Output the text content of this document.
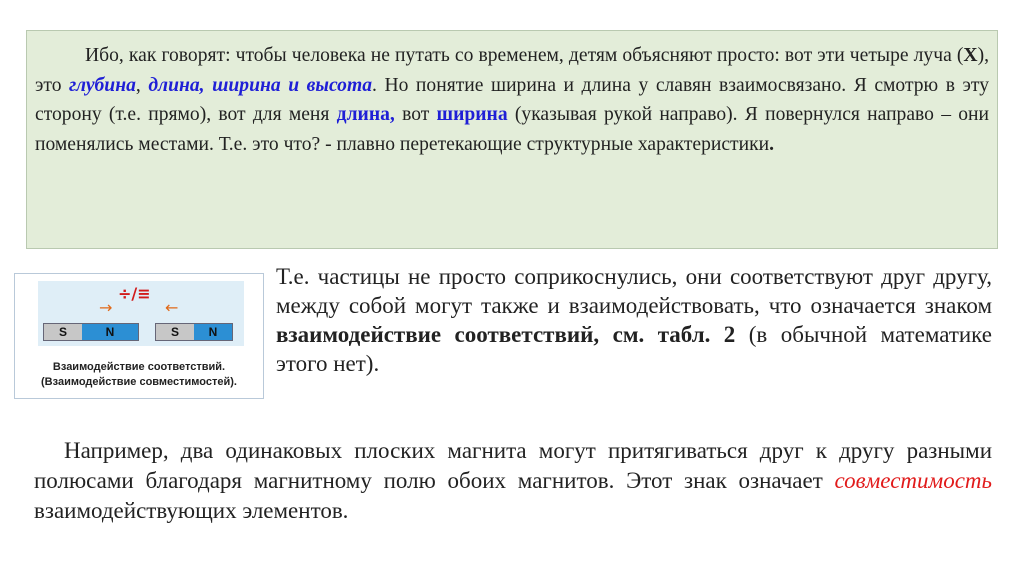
Ибо, как говорят: чтобы человека не путать со временем, детям объясняют просто: вот эти четыре луча (Х), это глубина, длина, ширина и высота. Но понятие ширина и длина у славян взаимосвязано. Я смотрю в эту сторону (т.е. прямо), вот для меня длина, вот ширина (указывая рукой направо). Я повернулся направо – они поменялись местами. Т.е. это что? - плавно перетекающие структурные характеристики.

÷/≡
→	←
S	N	S	N
Взаимодействие соответствий.
(Взаимодействие совместимостей).
Т.е. частицы не просто соприкоснулись, они соответствуют друг другу, между собой могут также и взаимодействовать, что означается знаком взаимодействие соответствий, см. табл. 2 (в обычной математике этого нет).

Например, два одинаковых плоских магнита могут притягиваться друг к другу разными полюсами благодаря магнитному полю обоих магнитов. Этот знак означает совместимость взаимодействующих элементов.
